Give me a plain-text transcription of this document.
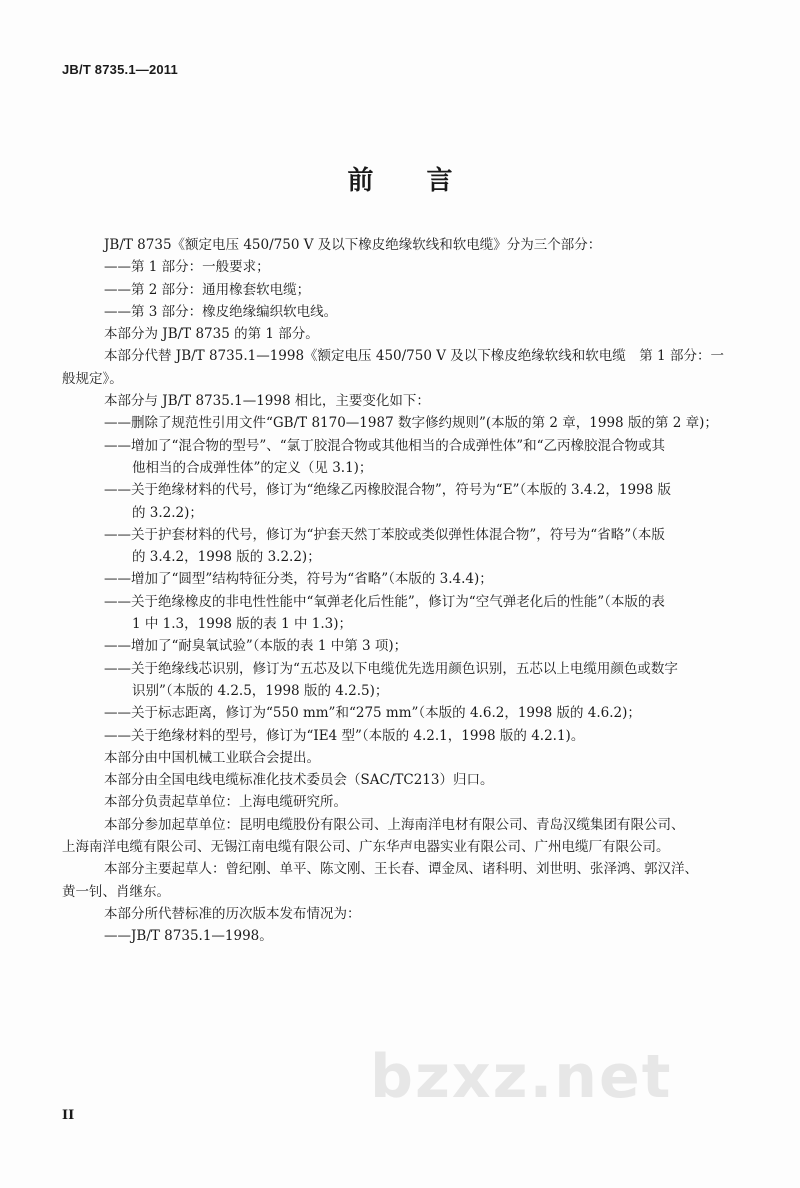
JB/T 8735.1—2011
前 言
JB/T 8735《额定电压 450/750 V 及以下橡皮绝缘软线和软电缆》分为三个部分：
——第 1 部分：一般要求；
——第 2 部分：通用橡套软电缆；
——第 3 部分：橡皮绝缘编织软电线。
本部分为 JB/T 8735 的第 1 部分。
本部分代替 JB/T 8735.1—1998《额定电压 450/750 V 及以下橡皮绝缘软线和软电缆　第 1 部分：一
般规定》。
本部分与 JB/T 8735.1—1998 相比，主要变化如下：
——删除了规范性引用文件“GB/T 8170—1987 数字修约规则”(本版的第 2 章，1998 版的第 2 章)；
——增加了“混合物的型号”、“氯丁胶混合物或其他相当的合成弹性体”和“乙丙橡胶混合物或其
他相当的合成弹性体”的定义（见 3.1)；
——关于绝缘材料的代号，修订为“绝缘乙丙橡胶混合物”，符号为“E”（本版的 3.4.2，1998 版
的 3.2.2)；
——关于护套材料的代号，修订为“护套天然丁苯胶或类似弹性体混合物”，符号为“省略”（本版
的 3.4.2，1998 版的 3.2.2)；
——增加了“圆型”结构特征分类，符号为“省略”（本版的 3.4.4)；
——关于绝缘橡皮的非电性性能中“氧弹老化后性能”，修订为“空气弹老化后的性能”（本版的表
1 中 1.3，1998 版的表 1 中 1.3)；
——增加了“耐臭氧试验”（本版的表 1 中第 3 项)；
——关于绝缘线芯识别，修订为“五芯及以下电缆优先选用颜色识别，五芯以上电缆用颜色或数字
识别”（本版的 4.2.5，1998 版的 4.2.5)；
——关于标志距离，修订为“550 mm”和“275 mm”（本版的 4.6.2，1998 版的 4.6.2)；
——关于绝缘材料的型号，修订为“IE4 型”（本版的 4.2.1，1998 版的 4.2.1)。
本部分由中国机械工业联合会提出。
本部分由全国电线电缆标准化技术委员会（SAC/TC213）归口。
本部分负责起草单位：上海电缆研究所。
本部分参加起草单位：昆明电缆股份有限公司、上海南洋电材有限公司、青岛汉缆集团有限公司、
上海南洋电缆有限公司、无锡江南电缆有限公司、广东华声电器实业有限公司、广州电缆厂有限公司。
本部分主要起草人：曾纪刚、单平、陈文刚、王长春、谭金凤、诸科明、刘世明、张泽鸿、郭汉洋、
黄一钊、肖继东。
本部分所代替标准的历次版本发布情况为：
——JB/T 8735.1—1998。
bzxz.net
II
